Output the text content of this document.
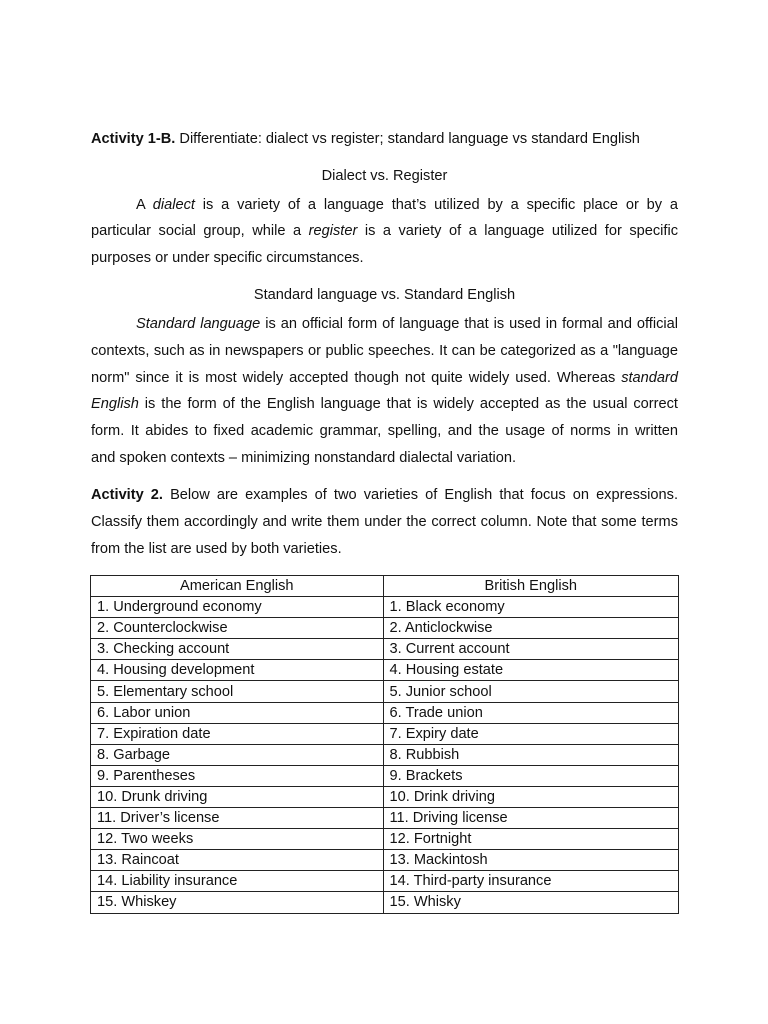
Activity 1-B. Differentiate: dialect vs register; standard language vs standard English
Dialect vs. Register
A dialect is a variety of a language that’s utilized by a specific place or by a
particular social group, while a register is a variety of a language utilized for specific
purposes or under specific circumstances.
Standard language vs. Standard English
Standard language is an official form of language that is used in formal and official
contexts, such as in newspapers or public speeches. It can be categorized as a "language
norm" since it is most widely accepted though not quite widely used. Whereas standard
English is the form of the English language that is widely accepted as the usual correct
form. It abides to fixed academic grammar, spelling, and the usage of norms in written
and spoken contexts – minimizing nonstandard dialectal variation.
Activity 2. Below are examples of two varieties of English that focus on expressions.
Classify them accordingly and write them under the correct column. Note that some terms
from the list are used by both varieties.
American English	British English
1. Underground economy	1. Black economy
2. Counterclockwise	2. Anticlockwise
3. Checking account	3. Current account
4. Housing development	4. Housing estate
5. Elementary school	5. Junior school
6. Labor union	6. Trade union
7. Expiration date	7. Expiry date
8. Garbage	8. Rubbish
9. Parentheses	9. Brackets
10. Drunk driving	10. Drink driving
11. Driver’s license	11. Driving license
12. Two weeks	12. Fortnight
13. Raincoat	13. Mackintosh
14. Liability insurance	14. Third-party insurance
15. Whiskey	15. Whisky
